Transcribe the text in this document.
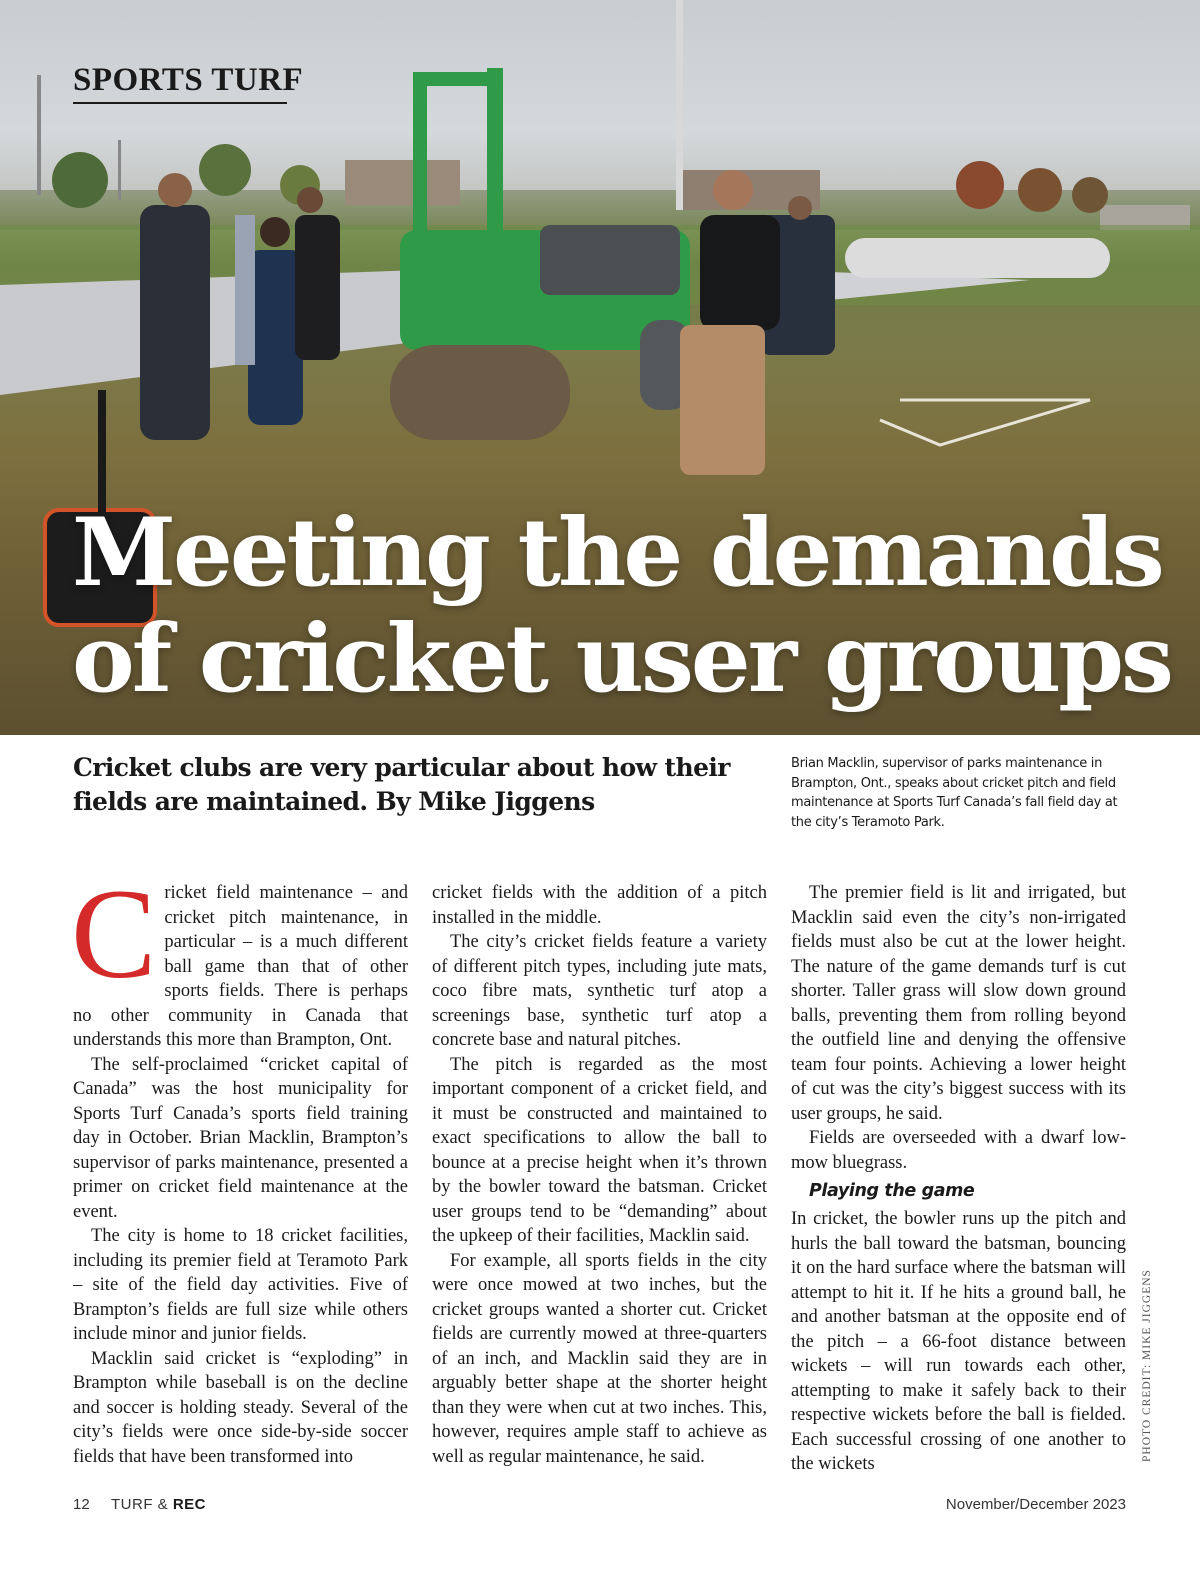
SPORTS TURF
Meeting the demands of cricket user groups

Cricket clubs are very particular about how their fields are maintained. By Mike Jiggens

Brian Macklin, supervisor of parks maintenance in Brampton, Ont., speaks about cricket pitch and field maintenance at Sports Turf Canada’s fall field day at the city’s Teramoto Park.

C ricket field maintenance – and cricket pitch maintenance, in particular – is a much different ball game than that of other sports fields. There is perhaps no other community in Canada that understands this more than Brampton, Ont.

The self-proclaimed “cricket capital of Canada” was the host municipality for Sports Turf Canada’s sports field training day in October. Brian Macklin, Brampton’s supervisor of parks maintenance, presented a primer on cricket field maintenance at the event.

The city is home to 18 cricket facilities, including its premier field at Teramoto Park – site of the field day activities. Five of Brampton’s fields are full size while others include minor and junior fields.

Macklin said cricket is “exploding” in Brampton while baseball is on the decline and soccer is holding steady. Several of the city’s fields were once side-by-side soccer fields that have been transformed into

cricket fields with the addition of a pitch installed in the middle.

The city’s cricket fields feature a variety of different pitch types, including jute mats, coco fibre mats, synthetic turf atop a screenings base, synthetic turf atop a concrete base and natural pitches.

The pitch is regarded as the most important component of a cricket field, and it must be constructed and maintained to exact specifications to allow the ball to bounce at a precise height when it’s thrown by the bowler toward the batsman. Cricket user groups tend to be “demanding” about the upkeep of their facilities, Macklin said.

For example, all sports fields in the city were once mowed at two inches, but the cricket groups wanted a shorter cut. Cricket fields are currently mowed at three-quarters of an inch, and Macklin said they are in arguably better shape at the shorter height than they were when cut at two inches. This, however, requires ample staff to achieve as well as regular maintenance, he said.

The premier field is lit and irrigated, but Macklin said even the city’s non-irrigated fields must also be cut at the lower height. The nature of the game demands turf is cut shorter. Taller grass will slow down ground balls, preventing them from rolling beyond the outfield line and denying the offensive team four points. Achieving a lower height of cut was the city’s biggest success with its user groups, he said.

Fields are overseeded with a dwarf low-mow bluegrass.

Playing the game

In cricket, the bowler runs up the pitch and hurls the ball toward the batsman, bouncing it on the hard surface where the batsman will attempt to hit it. If he hits a ground ball, he and another batsman at the opposite end of the pitch – a 66-foot distance between wickets – will run towards each other, attempting to make it safely back to their respective wickets before the ball is fielded. Each successful crossing of one another to the wickets

PHOTO CREDIT: MIKE JIGGENS
12 TURF & REC	November/December 2023
